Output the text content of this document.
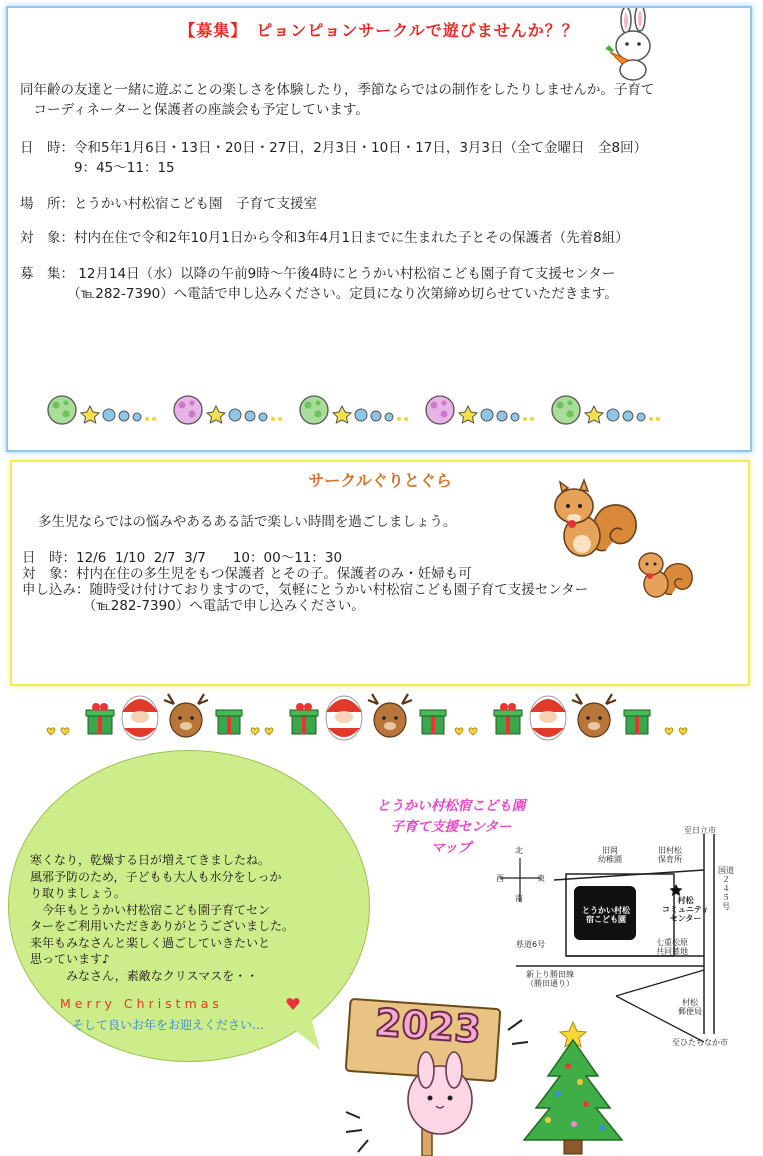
【募集】　ピョンピョンサークルで遊びませんか？？
同年齢の友達と一緒に遊ぶことの楽しさを体験したり，季節ならではの制作をしたりしませんか。子育て
　コーディネーターと保護者の座談会も予定しています。
日　時：令和5年1月6日・13日・20日・27日，2月3日・10日・17日，3月3日（全て金曜日　全8回）
　　　　9：45～11：15
場　所：とうかい村松宿こども園　子育て支援室
対　象：村内在住で令和2年10月1日から令和3年4月1日までに生まれた子とその保護者（先着8組）
募　集： 12月14日（水）以降の午前9時～午後4時にとうかい村松宿こども園子育て支援センター
　　　　（℡282-7390）へ電話で申し込みください。定員になり次第締め切らせていただきます。
サークルぐりとぐら
多生児ならではの悩みやあるある話で楽しい時間を過ごしましょう。
日　時：12/6  1/10  2/7  3/7　　10：00～11：30
対　象：村内在住の多生児をもつ保護者 とその子。保護者のみ・妊婦も可
申し込み：随時受け付けておりますので，気軽にとうかい村松宿こども園子育て支援センター
　　　　　（℡282-7390）へ電話で申し込みください。
寒くなり，乾燥する日が増えてきましたね。
風邪予防のため，子どもも大人も水分をしっか
り取りましょう。
　今年もとうかい村松宿こども園子育てセン
ターをご利用いただきありがとうございました。
来年もみなさんと楽しく過ごしていきたいと
思っています♪
　　　みなさん，素敵なクリスマスを・・
Merry Christmas
そして良いお年をお迎えください…
とうかい村松宿こども園
子育て支援センター
マップ	北
南
西	東
旧岡
幼稚園
旧村松
保育所
とうかい村松
宿こども園
村松
コミュニティ
センター
七重松原
共同墓地
県道6号
国道
２
４
５
号
新上り勝田線
（勝田通り）
村松
郵便局
至日立市
至ひたちなか市
2023
